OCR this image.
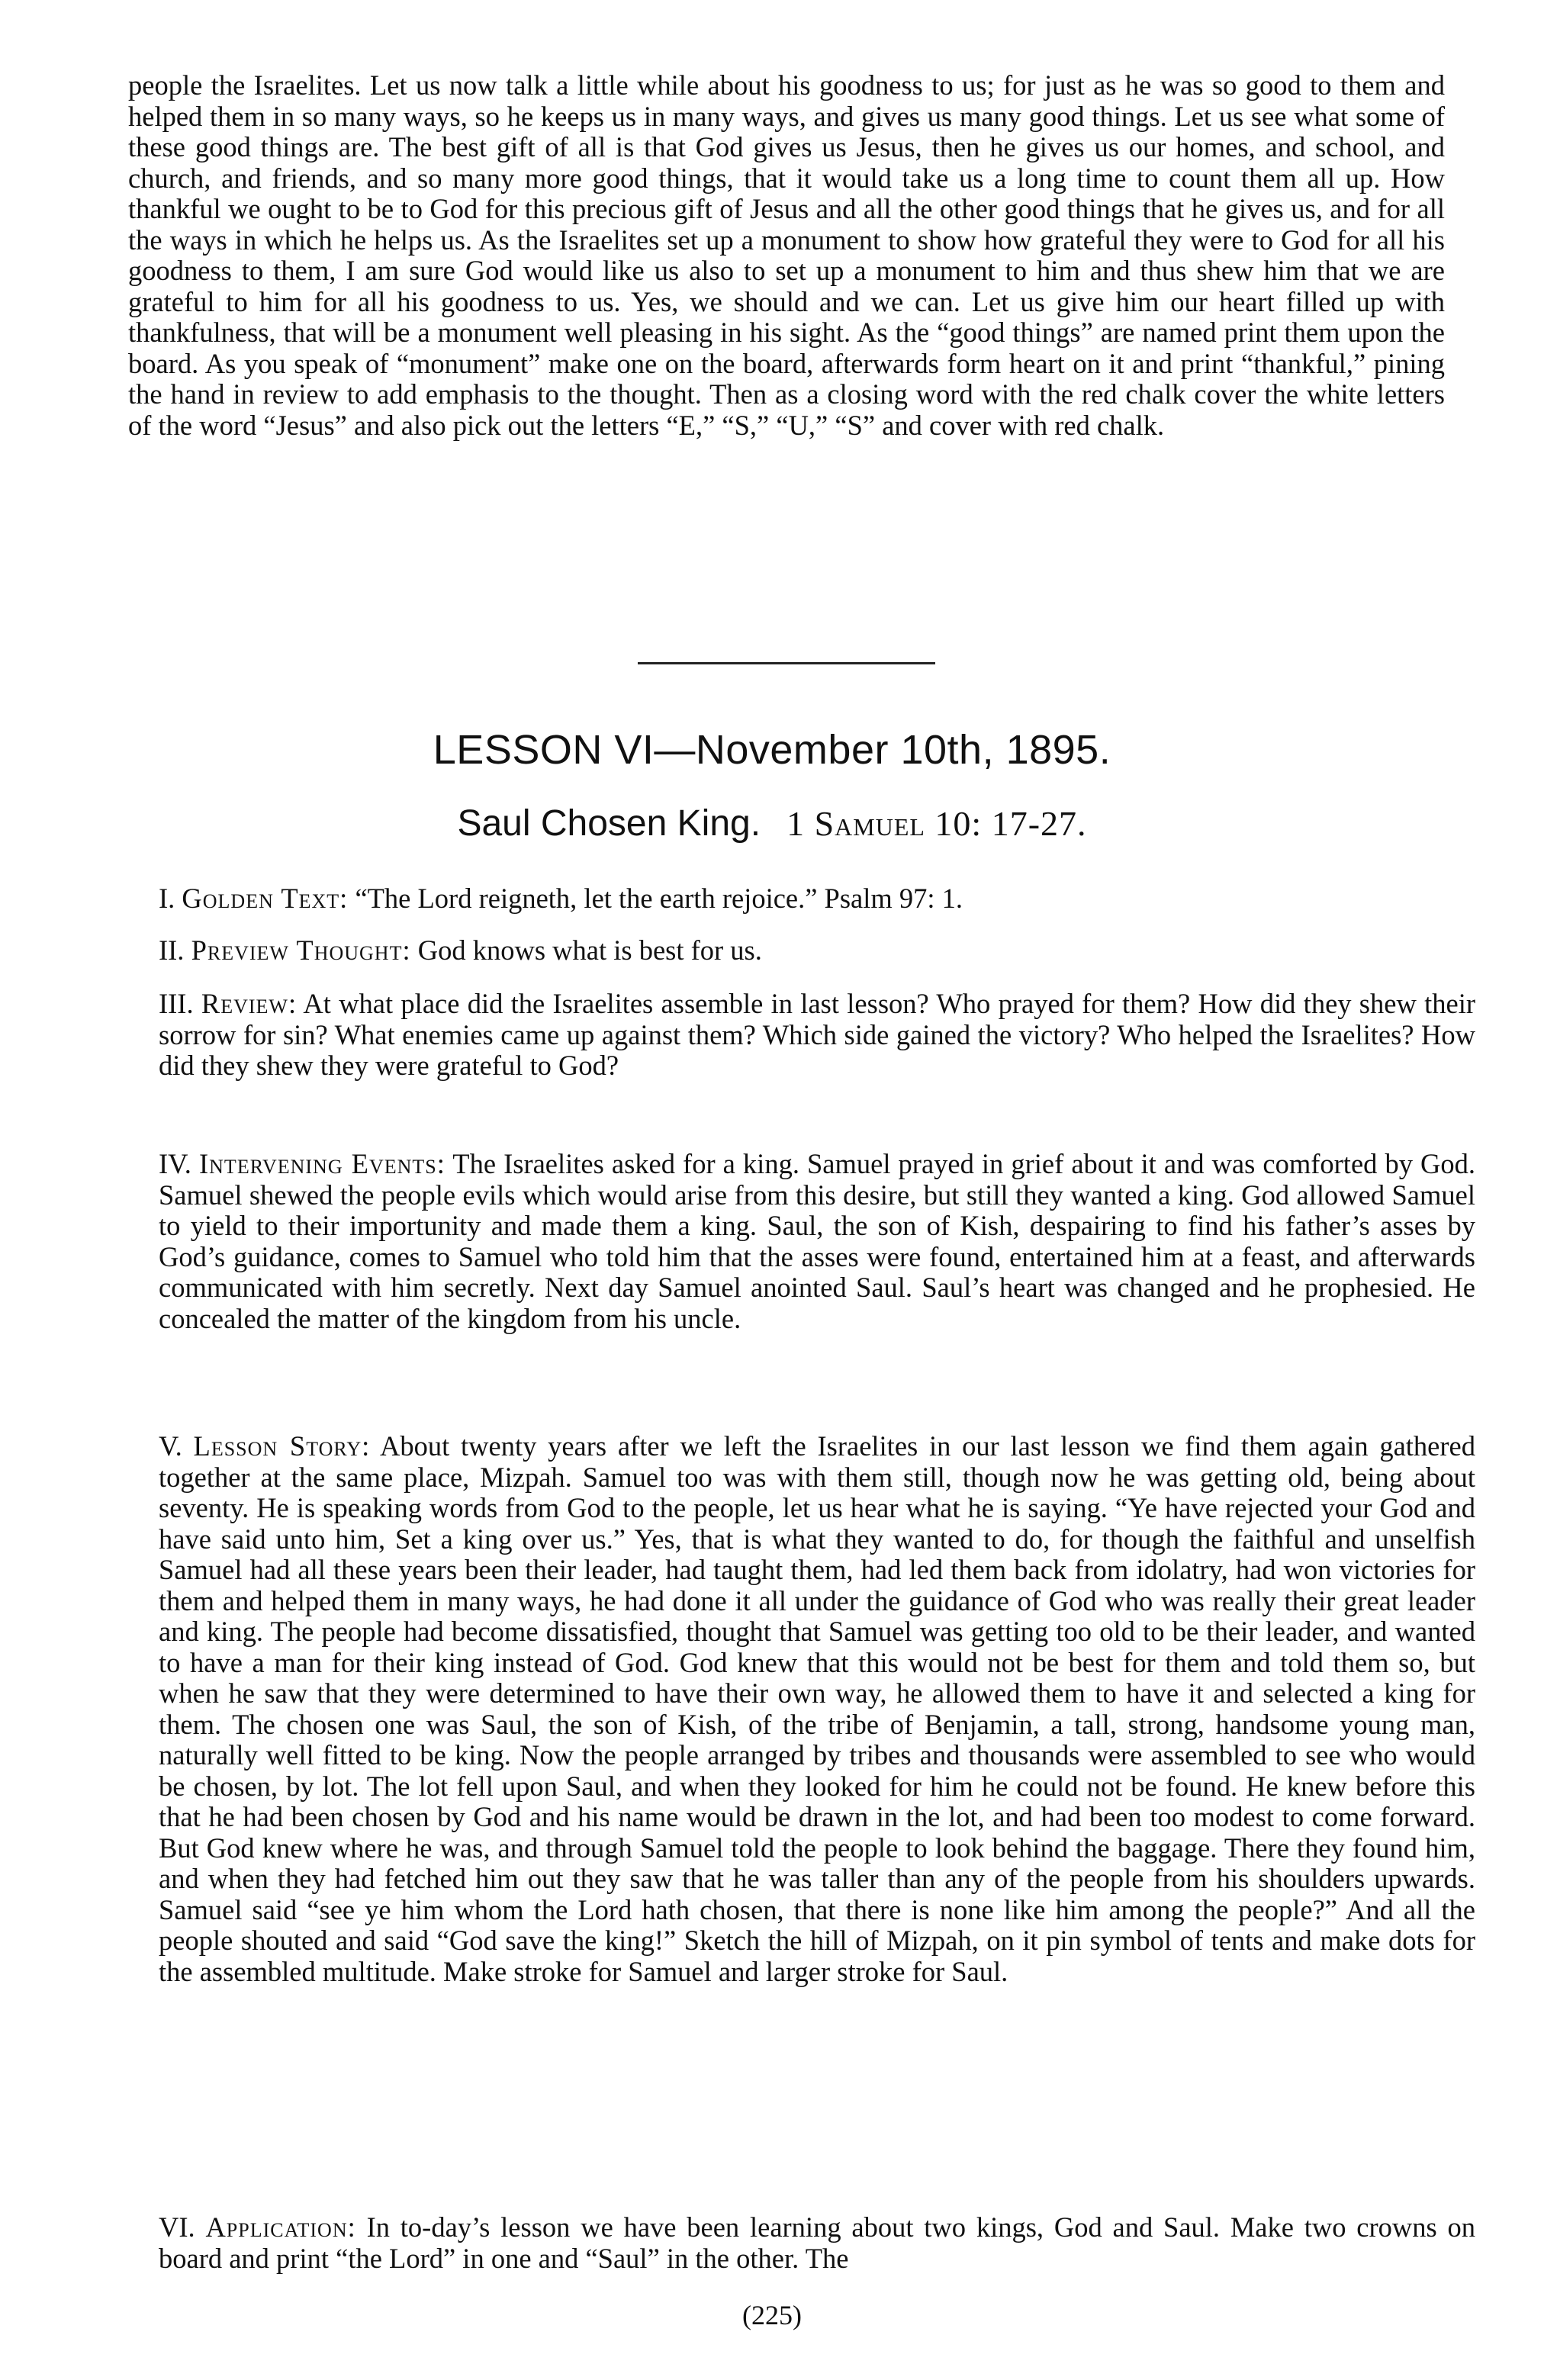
people the Israelites. Let us now talk a little while about his goodness to us; for just as he was so good to them and helped them in so many ways, so he keeps us in many ways, and gives us many good things. Let us see what some of these good things are. The best gift of all is that God gives us Jesus, then he gives us our homes, and school, and church, and friends, and so many more good things, that it would take us a long time to count them all up. How thankful we ought to be to God for this precious gift of Jesus and all the other good things that he gives us, and for all the ways in which he helps us. As the Israelites set up a monument to show how grateful they were to God for all his goodness to them, I am sure God would like us also to set up a monument to him and thus shew him that we are grateful to him for all his goodness to us. Yes, we should and we can. Let us give him our heart filled up with thankfulness, that will be a monument well pleasing in his sight. As the “good things” are named print them upon the board. As you speak of “monument” make one on the board, afterwards form heart on it and print “thankful,” pining the hand in review to add emphasis to the thought. Then as a closing word with the red chalk cover the white letters of the word “Jesus” and also pick out the letters “E,” “S,” “U,” “S” and cover with red chalk.

LESSON VI—November 10th, 1895.
Saul Chosen King. 1 Samuel 10: 17-27.

I. Golden Text: “The Lord reigneth, let the earth rejoice.” Psalm 97: 1.

II. Preview Thought: God knows what is best for us.

III. Review: At what place did the Israelites assemble in last lesson? Who prayed for them? How did they shew their sorrow for sin? What enemies came up against them? Which side gained the victory? Who helped the Israelites? How did they shew they were grateful to God?

IV. Intervening Events: The Israelites asked for a king. Samuel prayed in grief about it and was comforted by God. Samuel shewed the people evils which would arise from this desire, but still they wanted a king. God allowed Samuel to yield to their importunity and made them a king. Saul, the son of Kish, despairing to find his father’s asses by God’s guidance, comes to Samuel who told him that the asses were found, entertained him at a feast, and afterwards communicated with him secretly. Next day Samuel anointed Saul. Saul’s heart was changed and he prophesied. He concealed the matter of the kingdom from his uncle.

V. Lesson Story: About twenty years after we left the Israelites in our last lesson we find them again gathered together at the same place, Mizpah. Samuel too was with them still, though now he was getting old, being about seventy. He is speaking words from God to the people, let us hear what he is saying. “Ye have rejected your God and have said unto him, Set a king over us.” Yes, that is what they wanted to do, for though the faithful and unselfish Samuel had all these years been their leader, had taught them, had led them back from idolatry, had won victories for them and helped them in many ways, he had done it all under the guidance of God who was really their great leader and king. The people had become dissatisfied, thought that Samuel was getting too old to be their leader, and wanted to have a man for their king instead of God. God knew that this would not be best for them and told them so, but when he saw that they were determined to have their own way, he allowed them to have it and selected a king for them. The chosen one was Saul, the son of Kish, of the tribe of Benjamin, a tall, strong, handsome young man, naturally well fitted to be king. Now the people arranged by tribes and thousands were assembled to see who would be chosen, by lot. The lot fell upon Saul, and when they looked for him he could not be found. He knew before this that he had been chosen by God and his name would be drawn in the lot, and had been too modest to come forward. But God knew where he was, and through Samuel told the people to look behind the baggage. There they found him, and when they had fetched him out they saw that he was taller than any of the people from his shoulders upwards. Samuel said “see ye him whom the Lord hath chosen, that there is none like him among the people?” And all the people shouted and said “God save the king!” Sketch the hill of Mizpah, on it pin symbol of tents and make dots for the assembled multitude. Make stroke for Samuel and larger stroke for Saul.

VI. Application: In to-day’s lesson we have been learning about two kings, God and Saul. Make two crowns on board and print “the Lord” in one and “Saul” in the other. The

(225)
